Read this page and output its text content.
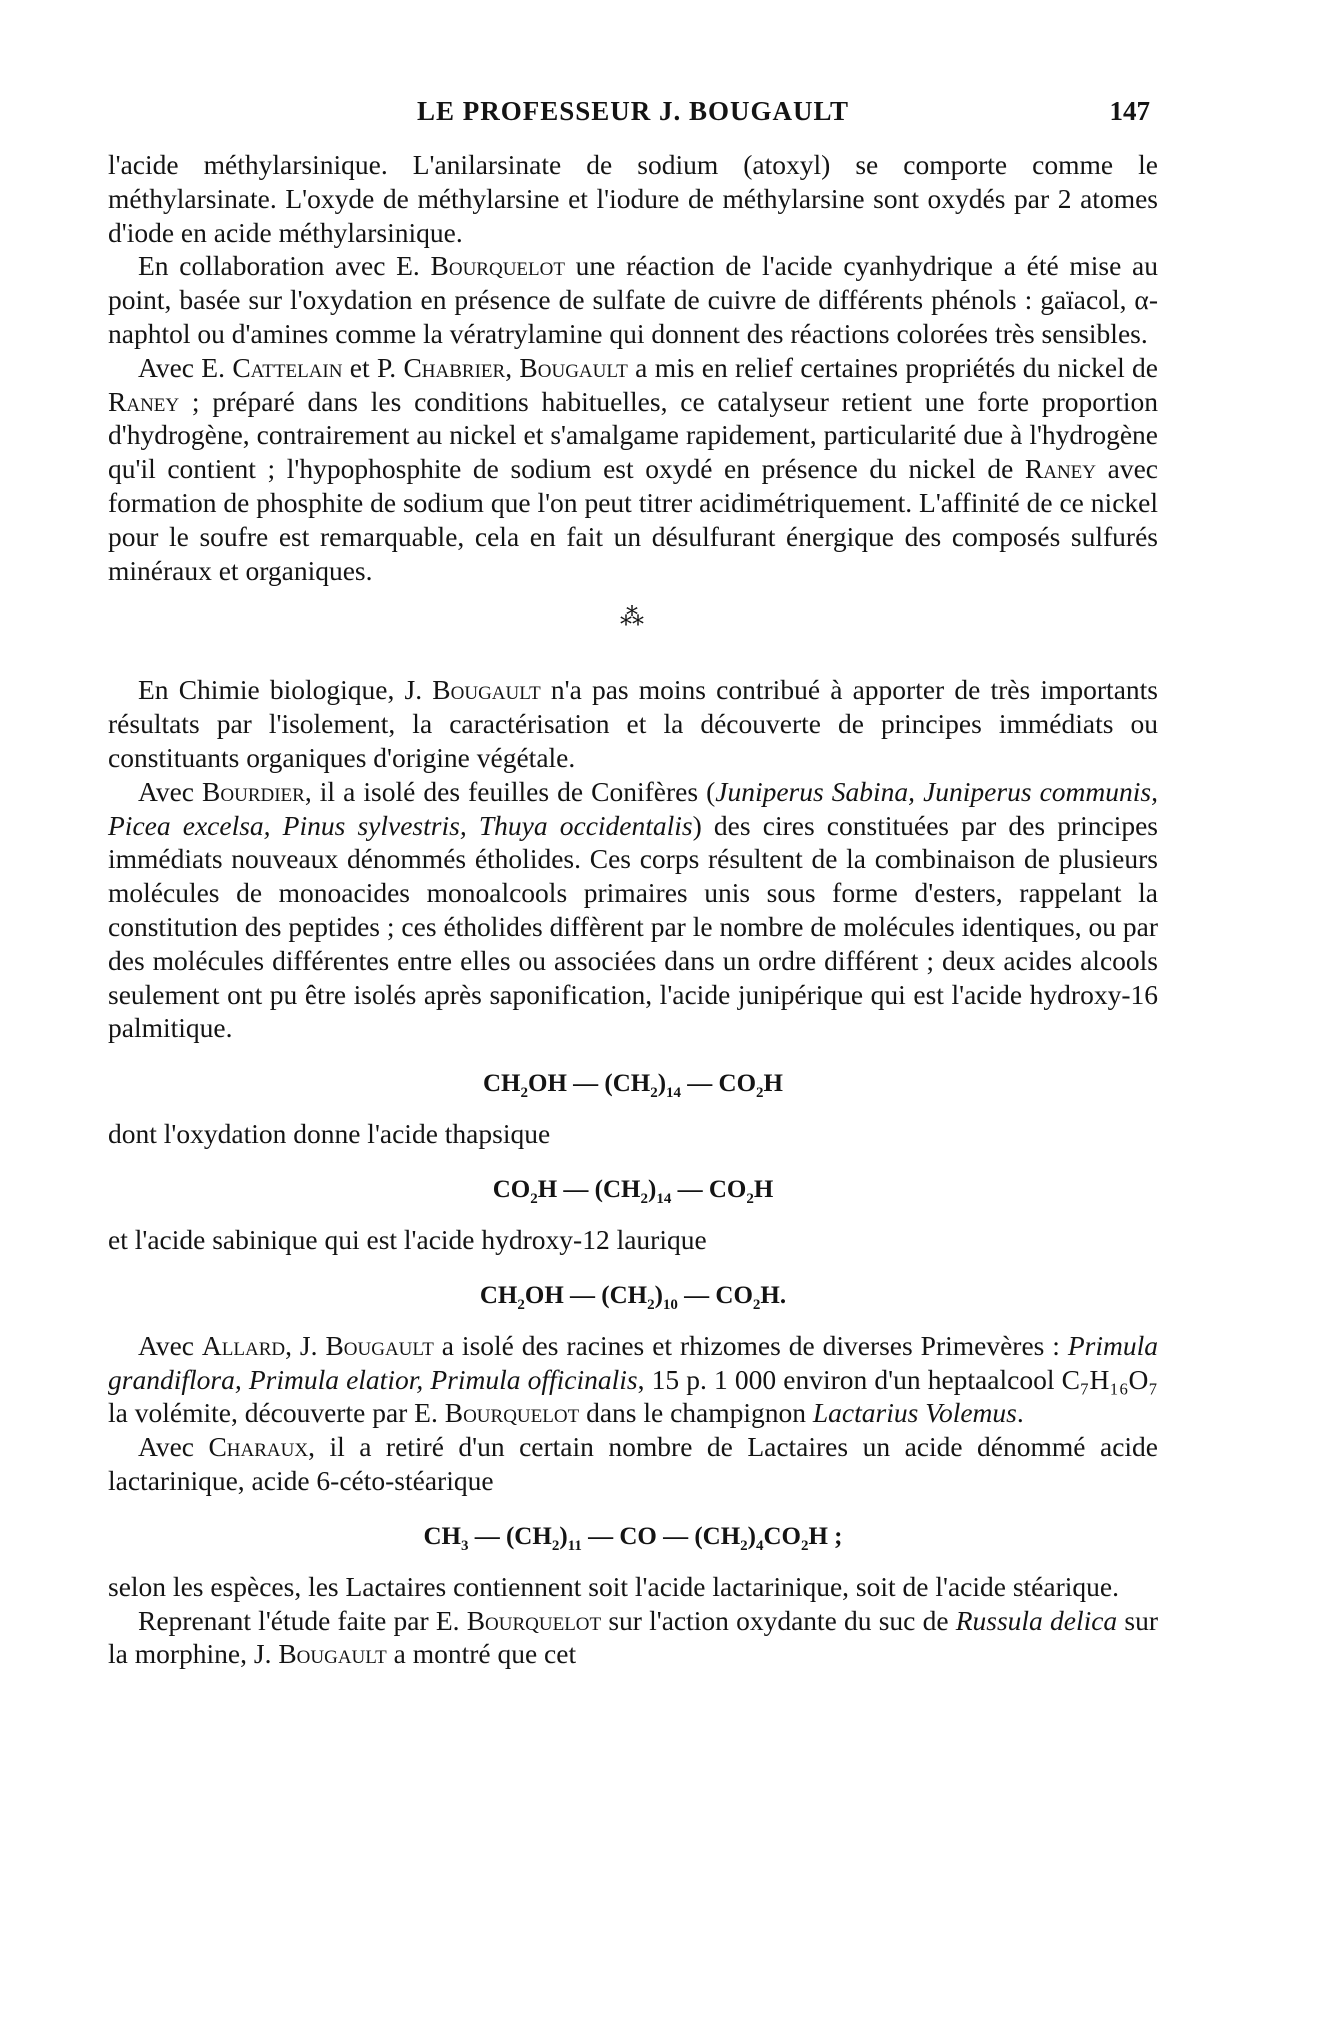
LE PROFESSEUR J. BOUGAULT	147

l'acide méthylarsinique. L'anilarsinate de sodium (atoxyl) se comporte comme le méthylarsinate. L'oxyde de méthylarsine et l'iodure de méthylarsine sont oxydés par 2 atomes d'iode en acide méthylarsinique.

En collaboration avec E. Bourquelot une réaction de l'acide cyanhydrique a été mise au point, basée sur l'oxydation en présence de sulfate de cuivre de différents phénols : gaïacol, α-naphtol ou d'amines comme la vératrylamine qui donnent des réactions colorées très sensibles.

Avec E. Cattelain et P. Chabrier, Bougault a mis en relief certaines propriétés du nickel de Raney ; préparé dans les conditions habituelles, ce catalyseur retient une forte proportion d'hydrogène, contrairement au nickel et s'amalgame rapidement, particularité due à l'hydrogène qu'il contient ; l'hypophosphite de sodium est oxydé en présence du nickel de Raney avec formation de phosphite de sodium que l'on peut titrer acidimétriquement. L'affinité de ce nickel pour le soufre est remarquable, cela en fait un désulfurant énergique des composés sulfurés minéraux et organiques.

⁂

En Chimie biologique, J. Bougault n'a pas moins contribué à apporter de très importants résultats par l'isolement, la caractérisation et la découverte de principes immédiats ou constituants organiques d'origine végétale.

Avec Bourdier, il a isolé des feuilles de Conifères (Juniperus Sabina, Juniperus communis, Picea excelsa, Pinus sylvestris, Thuya occidentalis) des cires constituées par des principes immédiats nouveaux dénommés étholides. Ces corps résultent de la combinaison de plusieurs molécules de monoacides monoalcools primaires unis sous forme d'esters, rappelant la constitution des peptides ; ces étholides diffèrent par le nombre de molécules identiques, ou par des molécules différentes entre elles ou associées dans un ordre différent ; deux acides alcools seulement ont pu être isolés après saponification, l'acide junipérique qui est l'acide hydroxy-16 palmitique.

$CH_2OH$ — $(CH_2)_{14}$ — $CO_2H$

dont l'oxydation donne l'acide thapsique

$CO_2H$ — $(CH_2)_{14}$ — $CO_2H$

et l'acide sabinique qui est l'acide hydroxy-12 laurique

$CH_2OH$ — $(CH_2)_{10}$ — $CO_2H$.

Avec Allard, J. Bougault a isolé des racines et rhizomes de diverses Primevères : Primula grandiflora, Primula elatior, Primula officinalis, 15 p. 1 000 environ d'un heptaalcool C₇H₁₆O₇ la volémite, découverte par E. Bourquelot dans le champignon Lactarius Volemus.

Avec Charaux, il a retiré d'un certain nombre de Lactaires un acide dénommé acide lactarinique, acide 6-céto-stéarique

$CH_3$ — $(CH_2)_{11}$ — CO — $(CH_2)_4CO_2H$ ;

selon les espèces, les Lactaires contiennent soit l'acide lactarinique, soit de l'acide stéarique.

Reprenant l'étude faite par E. Bourquelot sur l'action oxydante du suc de Russula delica sur la morphine, J. Bougault a montré que cet
